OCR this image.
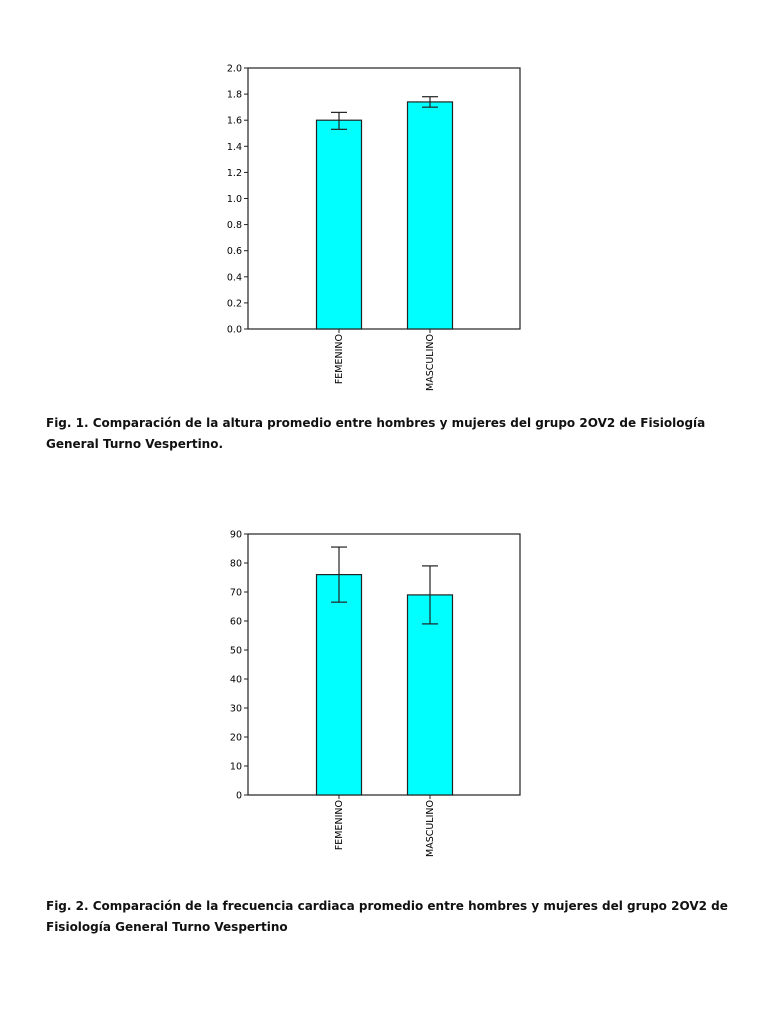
0.0
0.2
0.4
0.6
0.8
1.0
1.2
1.4
1.6
1.8
2.0
FEMENINO	MASCULINO

Fig. 1. Comparación de la altura promedio entre hombres y mujeres del grupo 2OV2 de Fisiología General Turno Vespertino.

0
10
20
30
40
50
60
70
80
90
FEMENINO	MASCULINO

Fig. 2. Comparación de la frecuencia cardiaca promedio entre hombres y mujeres del grupo 2OV2 de Fisiología General Turno Vespertino
